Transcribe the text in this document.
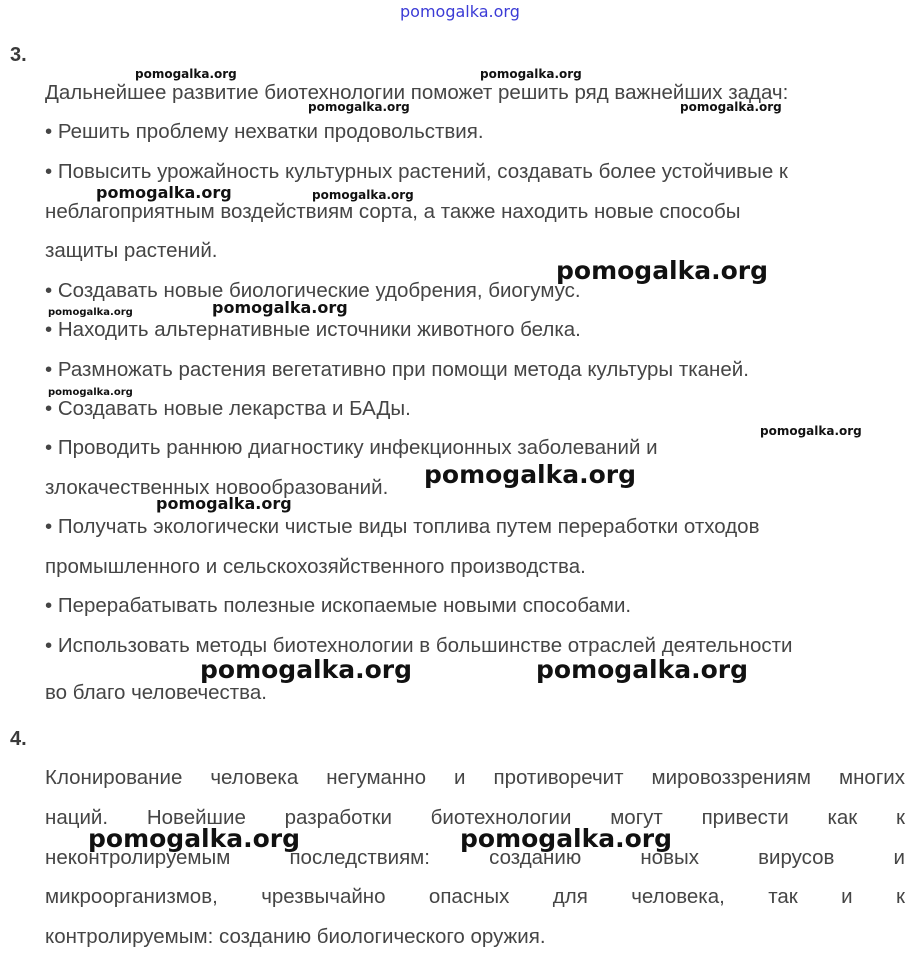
pomogalka.org
3.
Дальнейшее развитие биотехнологии поможет решить ряд важнейших задач:
• Решить проблему нехватки продовольствия.
• Повысить урожайность культурных растений, создавать более устойчивые к
неблагоприятным воздействиям сорта, а также находить новые способы
защиты растений.
• Создавать новые биологические удобрения, биогумус.
• Находить альтернативные источники животного белка.
• Размножать растения вегетативно при помощи метода культуры тканей.
• Создавать новые лекарства и БАДы.
• Проводить раннюю диагностику инфекционных заболеваний и
злокачественных новообразований.
• Получать экологически чистые виды топлива путем переработки отходов
промышленного и сельскохозяйственного производства.
• Перерабатывать полезные ископаемые новыми способами.
• Использовать методы биотехнологии в большинстве отраслей деятельности
во благо человечества.
4.
Клонирование человека негуманно и противоречит мировоззрениям многих
наций. Новейшие разработки биотехнологии могут привести как к
неконтролируемым последствиям: созданию новых вирусов и
микроорганизмов, чрезвычайно опасных для человека, так и к
контролируемым: созданию биологического оружия.
pomogalka.org	pomogalka.org
pomogalka.org	pomogalka.org
pomogalka.org	pomogalka.org
pomogalka.org
pomogalka.org
pomogalka.org
pomogalka.org
pomogalka.org
pomogalka.org
pomogalka.org
pomogalka.org	pomogalka.org
pomogalka.org	pomogalka.org
